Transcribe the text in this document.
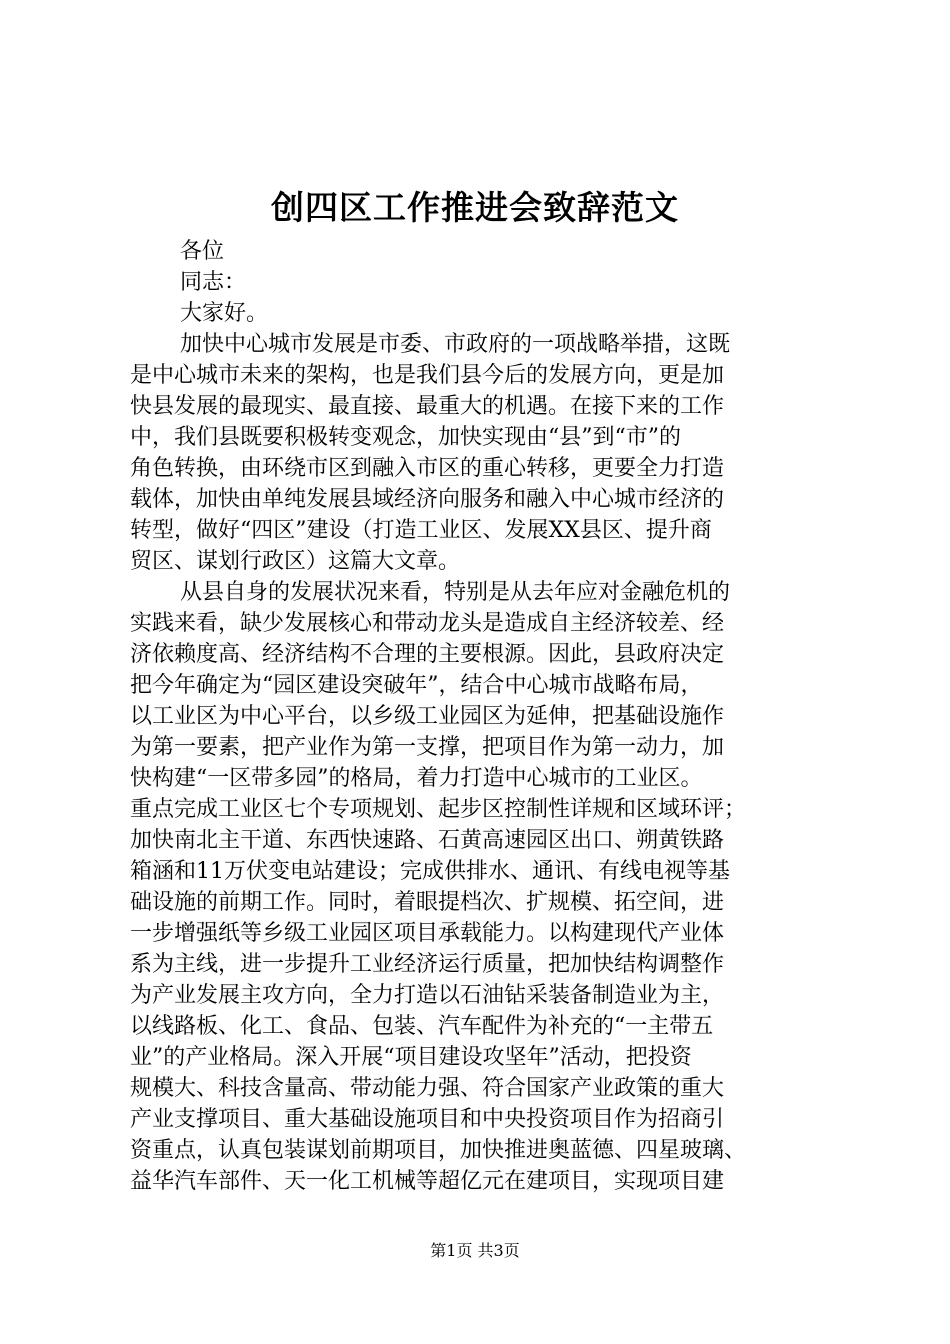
创四区工作推进会致辞范文
各位
同志：
大家好。
加快中心城市发展是市委、市政府的一项战略举措，这既
是中心城市未来的架构，也是我们县今后的发展方向，更是加
快县发展的最现实、最直接、最重大的机遇。在接下来的工作
中，我们县既要积极转变观念，加快实现由“县”到“市”的
角色转换，由环绕市区到融入市区的重心转移，更要全力打造
载体，加快由单纯发展县域经济向服务和融入中心城市经济的
转型，做好“四区”建设（打造工业区、发展XX县区、提升商
贸区、谋划行政区）这篇大文章。
从县自身的发展状况来看，特别是从去年应对金融危机的
实践来看，缺少发展核心和带动龙头是造成自主经济较差、经
济依赖度高、经济结构不合理的主要根源。因此，县政府决定
把今年确定为“园区建设突破年”，结合中心城市战略布局，
以工业区为中心平台，以乡级工业园区为延伸，把基础设施作
为第一要素，把产业作为第一支撑，把项目作为第一动力，加
快构建“一区带多园”的格局，着力打造中心城市的工业区。
重点完成工业区七个专项规划、起步区控制性详规和区域环评；
加快南北主干道、东西快速路、石黄高速园区出口、朔黄铁路
箱涵和11万伏变电站建设；完成供排水、通讯、有线电视等基
础设施的前期工作。同时，着眼提档次、扩规模、拓空间，进
一步增强纸等乡级工业园区项目承载能力。以构建现代产业体
系为主线，进一步提升工业经济运行质量，把加快结构调整作
为产业发展主攻方向，全力打造以石油钻采装备制造业为主，
以线路板、化工、食品、包装、汽车配件为补充的“一主带五
业”的产业格局。深入开展“项目建设攻坚年”活动，把投资
规模大、科技含量高、带动能力强、符合国家产业政策的重大
产业支撑项目、重大基础设施项目和中央投资项目作为招商引
资重点，认真包装谋划前期项目，加快推进奥蓝德、四星玻璃、
益华汽车部件、天一化工机械等超亿元在建项目，实现项目建
第1页 共3页
